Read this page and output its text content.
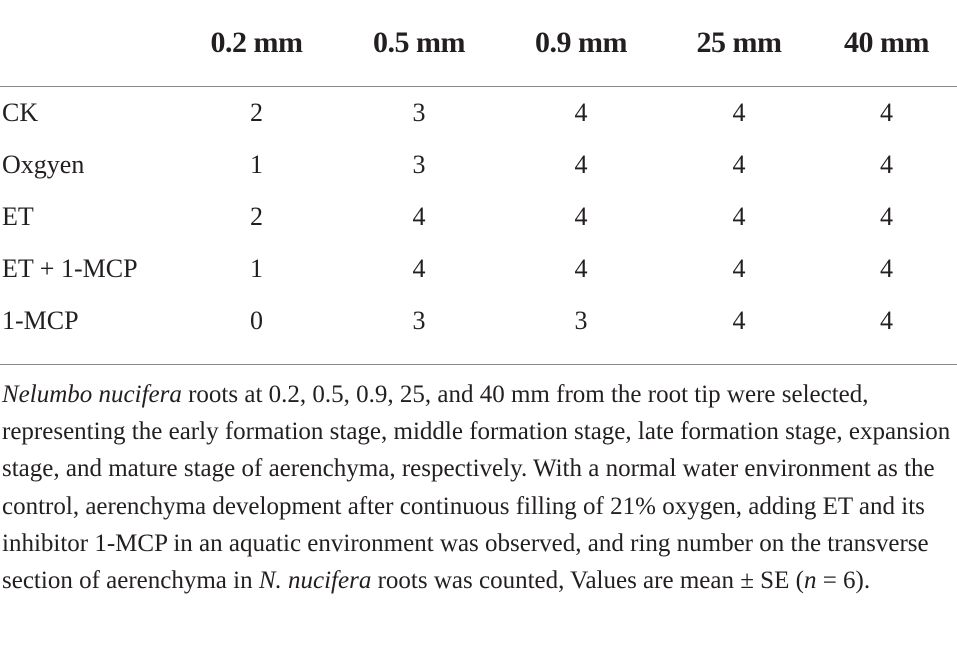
	0.2 mm	0.5 mm	0.9 mm	25 mm	40 mm
CK	2	3	4	4	4
Oxgyen	1	3	4	4	4
ET	2	4	4	4	4
ET + 1-MCP	1	4	4	4	4
1-MCP	0	3	3	4	4
Nelumbo nucifera roots at 0.2, 0.5, 0.9, 25, and 40 mm from the root tip were selected, representing the early formation stage, middle formation stage, late formation stage, expansion stage, and mature stage of aerenchyma, respectively. With a normal water environment as the control, aerenchyma development after continuous filling of 21% oxygen, adding ET and its inhibitor 1-MCP in an aquatic environment was observed, and ring number on the transverse section of aerenchyma in N. nucifera roots was counted, Values are mean ± SE (n = 6).
